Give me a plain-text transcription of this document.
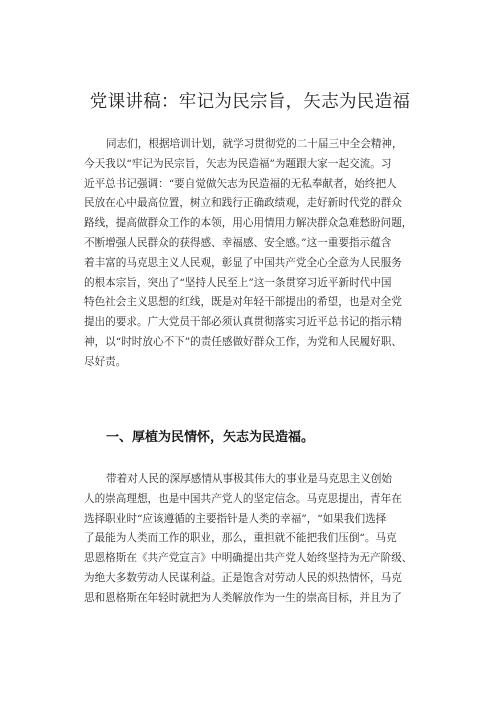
党课讲稿：牢记为民宗旨，矢志为民造福
同志们，根据培训计划，就学习贯彻党的二十届三中全会精神，
今天我以“牢记为民宗旨，矢志为民造福”为题跟大家一起交流。习
近平总书记强调：“要自觉做矢志为民造福的无私奉献者，始终把人
民放在心中最高位置，树立和践行正确政绩观，走好新时代党的群众
路线，提高做群众工作的本领，用心用情用力解决群众急难愁盼问题，
不断增强人民群众的获得感、幸福感、安全感。”这一重要指示蕴含
着丰富的马克思主义人民观，彰显了中国共产党全心全意为人民服务
的根本宗旨，突出了“坚持人民至上”这一条贯穿习近平新时代中国
特色社会主义思想的红线，既是对年轻干部提出的希望，也是对全党
提出的要求。广大党员干部必须认真贯彻落实习近平总书记的指示精
神，以“时时放心不下”的责任感做好群众工作，为党和人民履好职、
尽好责。
一、厚植为民情怀，矢志为民造福。
带着对人民的深厚感情从事极其伟大的事业是马克思主义创始
人的崇高理想，也是中国共产党人的坚定信念。马克思提出，青年在
选择职业时“应该遵循的主要指针是人类的幸福”，“如果我们选择
了最能为人类而工作的职业，那么，重担就不能把我们压倒“。马克
思恩格斯在《共产党宣言》中明确提出共产党人始终坚持为无产阶级、
为绝大多数劳动人民谋利益。正是饱含对劳动人民的炽热情怀，马克
思和恩格斯在年轻时就把为人类解放作为一生的崇高目标，并且为了
